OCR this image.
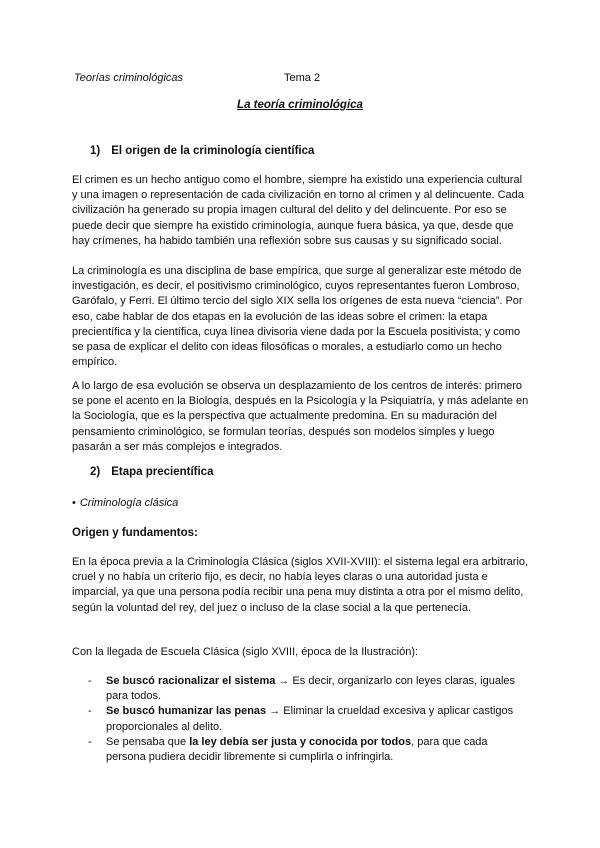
Teorías criminológicas	Tema 2
La teoría criminológica
1) El origen de la criminología científica

El crimen es un hecho antiguo como el hombre, siempre ha existido una experiencia cultural y una imagen o representación de cada civilización en torno al crimen y al delincuente. Cada civilización ha generado su propia imagen cultural del delito y del delincuente. Por eso se puede decir que siempre ha existido criminología, aunque fuera básica, ya que, desde que hay crímenes, ha habido también una reflexión sobre sus causas y su significado social.

La criminología es una disciplina de base empírica, que surge al generalizar este método de investigación, es decir, el positivismo criminológico, cuyos representantes fueron Lombroso, Garófalo, y Ferri. El último tercio del siglo XIX sella los orígenes de esta nueva “ciencia”. Por eso, cabe hablar de dos etapas en la evolución de las ideas sobre el crimen: la etapa precientífica y la científica, cuya línea divisoria viene dada por la Escuela positivista; y como se pasa de explicar el delito con ideas filosóficas o morales, a estudiarlo como un hecho empírico.

A lo largo de esa evolución se observa un desplazamiento de los centros de interés: primero se pone el acento en la Biología, después en la Psicología y la Psiquiatría, y más adelante en la Sociología, que es la perspectiva que actualmente predomina. En su maduración del pensamiento criminológico, se formulan teorías, después son modelos simples y luego pasarán a ser más complejos e integrados.

2) Etapa precientífica
• Criminología clásica
Origen y fundamentos:

En la época previa a la Criminología Clásica (siglos XVII-XVIII): el sistema legal era arbitrario, cruel y no había un criterio fijo, es decir, no había leyes claras o una autoridad justa e imparcial, ya que una persona podía recibir una pena muy distinta a otra por el mismo delito, según la voluntad del rey, del juez o incluso de la clase social a la que pertenecía.

Con la llegada de Escuela Clásica (siglo XVIII, época de la Ilustración):

- Se buscó racionalizar el sistema → Es decir, organizarlo con leyes claras, iguales para todos.
- Se buscó humanizar las penas → Eliminar la crueldad excesiva y aplicar castigos proporcionales al delito.
- Se pensaba que la ley debía ser justa y conocida por todos, para que cada persona pudiera decidir libremente si cumplirla o infringirla.
